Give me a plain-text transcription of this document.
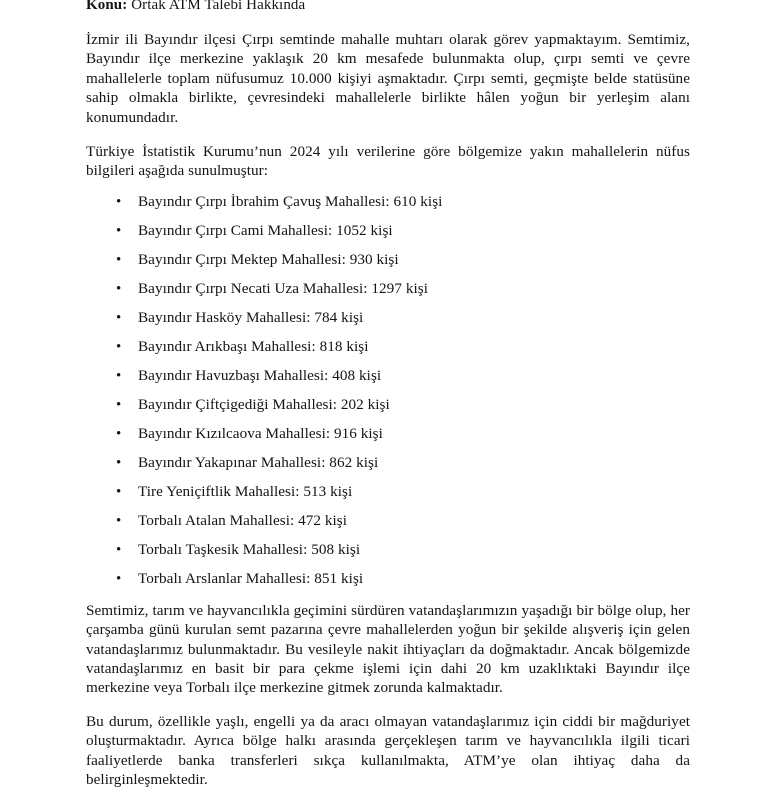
Konu: Ortak ATM Talebi Hakkında

İzmir ili Bayındır ilçesi Çırpı semtinde mahalle muhtarı olarak görev yapmaktayım. Semtimiz, Bayındır ilçe merkezine yaklaşık 20 km mesafede bulunmakta olup, çırpı semti ve çevre mahallelerle toplam nüfusumuz 10.000 kişiyi aşmaktadır. Çırpı semti, geçmişte belde statüsüne sahip olmakla birlikte, çevresindeki mahallelerle birlikte hâlen yoğun bir yerleşim alanı konumundadır.

Türkiye İstatistik Kurumu’nun 2024 yılı verilerine göre bölgemize yakın mahallelerin nüfus bilgileri aşağıda sunulmuştur:

• Bayındır Çırpı İbrahim Çavuş Mahallesi: 610 kişi
• Bayındır Çırpı Cami Mahallesi: 1052 kişi
• Bayındır Çırpı Mektep Mahallesi: 930 kişi
• Bayındır Çırpı Necati Uza Mahallesi: 1297 kişi
• Bayındır Hasköy Mahallesi: 784 kişi
• Bayındır Arıkbaşı Mahallesi: 818 kişi
• Bayındır Havuzbaşı Mahallesi: 408 kişi
• Bayındır Çiftçigediği Mahallesi: 202 kişi
• Bayındır Kızılcaova Mahallesi: 916 kişi
• Bayındır Yakapınar Mahallesi: 862 kişi
• Tire Yeniçiftlik Mahallesi: 513 kişi
• Torbalı Atalan Mahallesi: 472 kişi
• Torbalı Taşkesik Mahallesi: 508 kişi
• Torbalı Arslanlar Mahallesi: 851 kişi

Semtimiz, tarım ve hayvancılıkla geçimini sürdüren vatandaşlarımızın yaşadığı bir bölge olup, her çarşamba günü kurulan semt pazarına çevre mahallelerden yoğun bir şekilde alışveriş için gelen vatandaşlarımız bulunmaktadır. Bu vesileyle nakit ihtiyaçları da doğmaktadır. Ancak bölgemizde vatandaşlarımız en basit bir para çekme işlemi için dahi 20 km uzaklıktaki Bayındır ilçe merkezine veya Torbalı ilçe merkezine gitmek zorunda kalmaktadır.

Bu durum, özellikle yaşlı, engelli ya da aracı olmayan vatandaşlarımız için ciddi bir mağduriyet oluşturmaktadır. Ayrıca bölge halkı arasında gerçekleşen tarım ve hayvancılıkla ilgili ticari faaliyetlerde banka transferleri sıkça kullanılmakta, ATM’ye olan ihtiyaç daha da belirginleşmektedir.
